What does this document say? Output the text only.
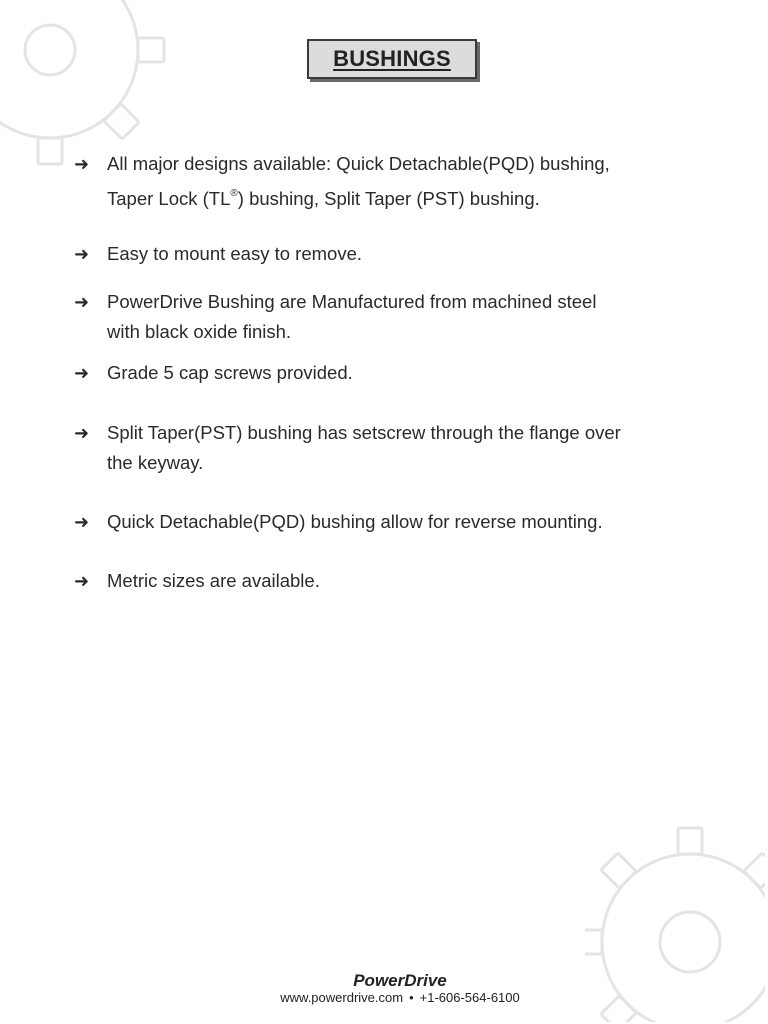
BUSHINGS
➜ All major designs available: Quick Detachable(PQD) bushing,
Taper Lock (TL®) bushing, Split Taper (PST) bushing.
➜ Easy to mount easy to remove.
➜ PowerDrive Bushing are Manufactured from machined steel
with black oxide finish.
➜ Grade 5 cap screws provided.
➜ Split Taper(PST) bushing has setscrew through the flange over
the keyway.
➜ Quick Detachable(PQD) bushing allow for reverse mounting.
➜ Metric sizes are available.
PowerDrive
www.powerdrive.com • +1-606-564-6100
